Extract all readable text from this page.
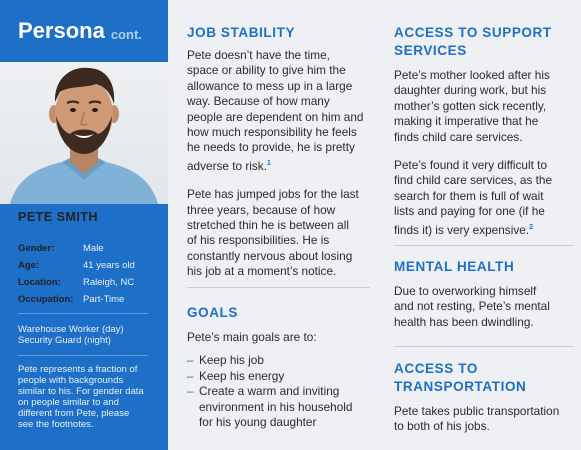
Persona cont.
PETE SMITH
Gender:	Male
Age:	41 years old
Location:	Raleigh, NC
Occupation:	Part-Time
Warehouse Worker (day)
Security Guard (night)
Pete represents a fraction of
people with backgrounds
similar to his. For gender data
on people similar to and
different from Pete, please
see the footnotes.
JOB STABILITY
Pete doesn’t have the time,
space or ability to give him the
allowance to mess up in a large
way. Because of how many
people are dependent on him and
how much responsibility he feels
he needs to provide, he is pretty
adverse to risk.$^1$
Pete has jumped jobs for the last
three years, because of how
stretched thin he is between all
of his responsibilities. He is
constantly nervous about losing
his job at a moment’s notice.
GOALS
Pete’s main goals are to:
– Keep his job
– Keep his energy
– Create a warm and inviting
environment in his household
for his young daughter
ACCESS TO SUPPORT
SERVICES
Pete’s mother looked after his
daughter during work, but his
mother’s gotten sick recently,
making it imperative that he
finds child care services.
Pete’s found it very difficult to
find child care services, as the
search for them is full of wait
lists and paying for one (if he
finds it) is very expensive.$^2$
MENTAL HEALTH
Due to overworking himself
and not resting, Pete’s mental
health has been dwindling.
ACCESS TO
TRANSPORTATION
Pete takes public transportation
to both of his jobs.
